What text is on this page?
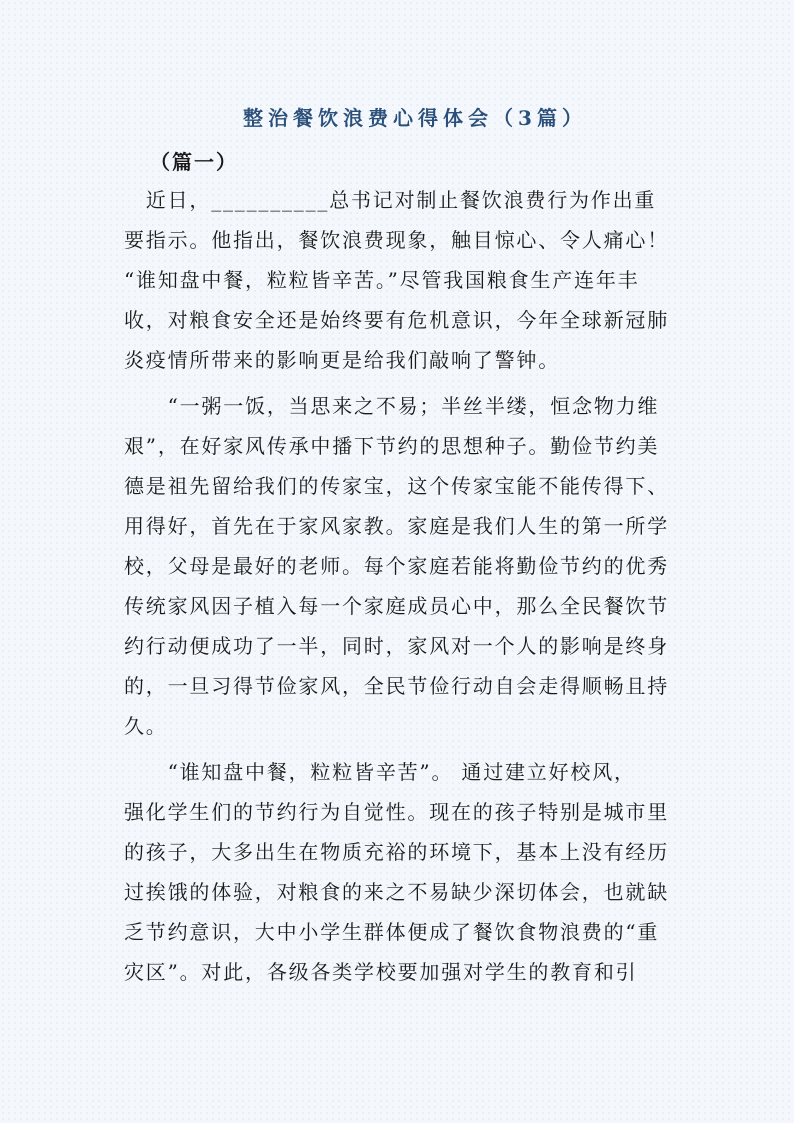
整治餐饮浪费心得体会（3篇）
（篇一）
　近日，__________总书记对制止餐饮浪费行为作出重
要指示。他指出，餐饮浪费现象，触目惊心、令人痛心！
“谁知盘中餐，粒粒皆辛苦。”尽管我国粮食生产连年丰
收，对粮食安全还是始终要有危机意识，今年全球新冠肺
炎疫情所带来的影响更是给我们敲响了警钟。
　　“一粥一饭，当思来之不易；半丝半缕，恒念物力维
艰”，在好家风传承中播下节约的思想种子。勤俭节约美
德是祖先留给我们的传家宝，这个传家宝能不能传得下、
用得好，首先在于家风家教。家庭是我们人生的第一所学
校，父母是最好的老师。每个家庭若能将勤俭节约的优秀
传统家风因子植入每一个家庭成员心中，那么全民餐饮节
约行动便成功了一半，同时，家风对一个人的影响是终身
的，一旦习得节俭家风，全民节俭行动自会走得顺畅且持
久。
　　“谁知盘中餐，粒粒皆辛苦”。 通过建立好校风，
强化学生们的节约行为自觉性。现在的孩子特别是城市里
的孩子，大多出生在物质充裕的环境下，基本上没有经历
过挨饿的体验，对粮食的来之不易缺少深切体会，也就缺
乏节约意识，大中小学生群体便成了餐饮食物浪费的“重
灾区”。对此，各级各类学校要加强对学生的教育和引
